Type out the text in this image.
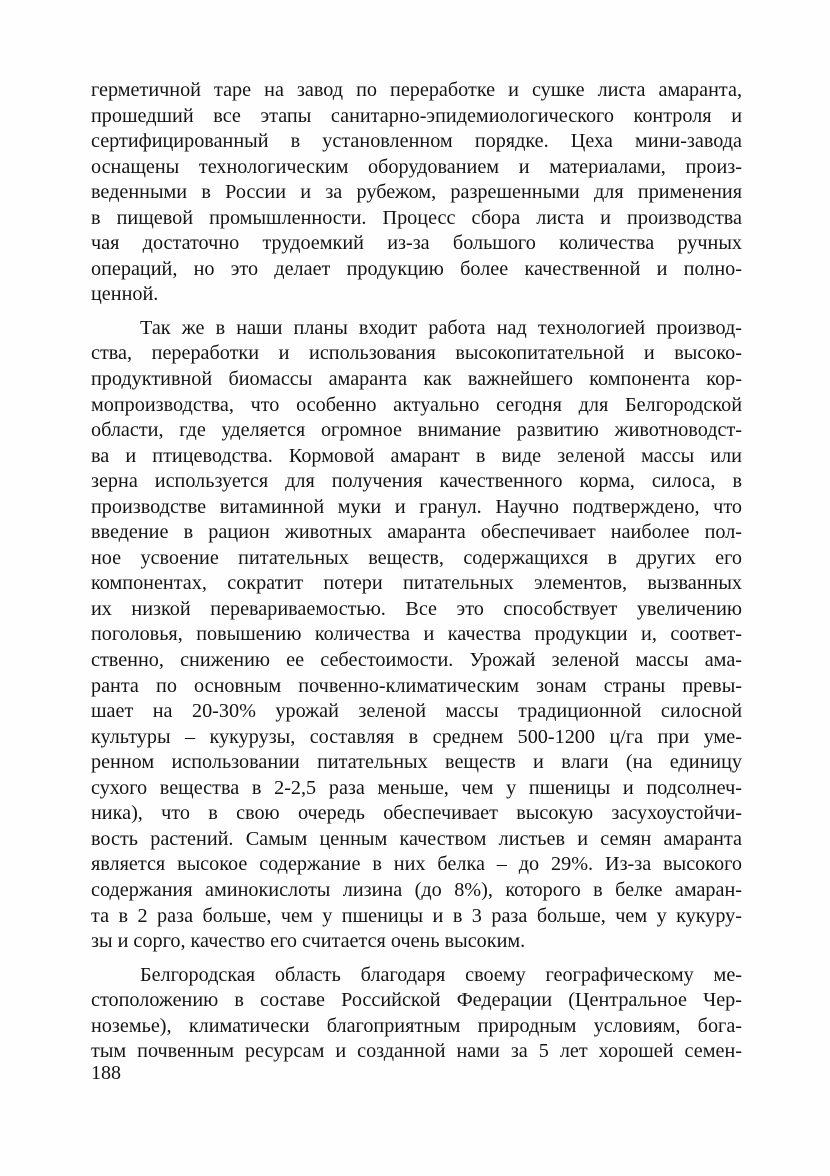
герметичной таре на завод по переработке и сушке листа амаранта,
прошедший все этапы санитарно-эпидемиологического контроля и
сертифицированный в установленном порядке. Цеха мини-завода
оснащены технологическим оборудованием и материалами, произ-
веденными в России и за рубежом, разрешенными для применения
в пищевой промышленности. Процесс сбора листа и производства
чая достаточно трудоемкий из-за большого количества ручных
операций, но это делает продукцию более качественной и полно-
ценной.
Так же в наши планы входит работа над технологией производ-
ства, переработки и использования высокопитательной и высоко-
продуктивной биомассы амаранта как важнейшего компонента кор-
мопроизводства, что особенно актуально сегодня для Белгородской
области, где уделяется огромное внимание развитию животноводст-
ва и птицеводства. Кормовой амарант в виде зеленой массы или
зерна используется для получения качественного корма, силоса, в
производстве витаминной муки и гранул. Научно подтверждено, что
введение в рацион животных амаранта обеспечивает наиболее пол-
ное усвоение питательных веществ, содержащихся в других его
компонентах, сократит потери питательных элементов, вызванных
их низкой перевариваемостью. Все это способствует увеличению
поголовья, повышению количества и качества продукции и, соответ-
ственно, снижению ее себестоимости. Урожай зеленой массы ама-
ранта по основным почвенно-климатическим зонам страны превы-
шает на 20-30% урожай зеленой массы традиционной силосной
культуры – кукурузы, составляя в среднем 500-1200 ц/га при уме-
ренном использовании питательных веществ и влаги (на единицу
сухого вещества в 2-2,5 раза меньше, чем у пшеницы и подсолнеч-
ника), что в свою очередь обеспечивает высокую засухоустойчи-
вость растений. Самым ценным качеством листьев и семян амаранта
является высокое содержание в них белка – до 29%. Из-за высокого
содержания аминокислоты лизина (до 8%), которого в белке амаран-
та в 2 раза больше, чем у пшеницы и в 3 раза больше, чем у кукуру-
зы и сорго, качество его считается очень высоким.
Белгородская область благодаря своему географическому ме-
стоположению в составе Российской Федерации (Центральное Чер-
ноземье), климатически благоприятным природным условиям, бога-
тым почвенным ресурсам и созданной нами за 5 лет хорошей семен-
188
